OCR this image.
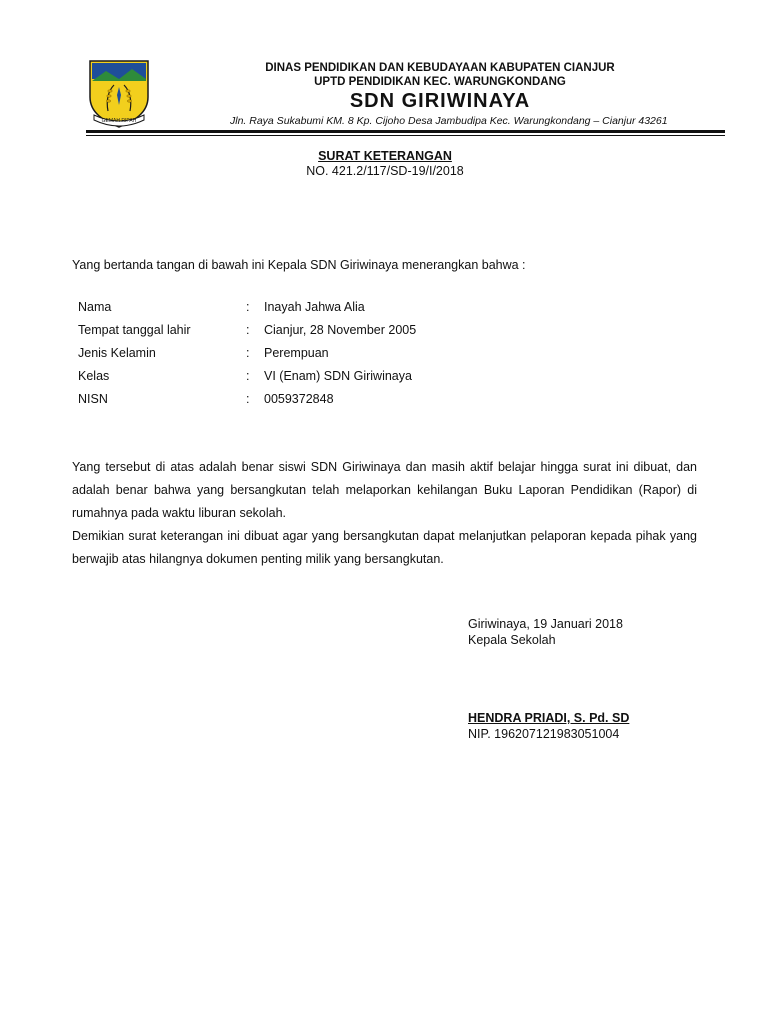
GEMAH RIPAH
DINAS PENDIDIKAN DAN KEBUDAYAAN KABUPATEN CIANJUR
UPTD PENDIDIKAN KEC. WARUNGKONDANG
SDN GIRIWINAYA
Jln. Raya Sukabumi KM. 8 Kp. Cijoho Desa Jambudipa Kec. Warungkondang – Cianjur 43261
SURAT KETERANGAN
NO. 421.2/117/SD-19/I/2018
Yang bertanda tangan di bawah ini Kepala SDN Giriwinaya menerangkan bahwa :
Nama	: Inayah Jahwa Alia
Tempat tanggal lahir	: Cianjur, 28 November 2005
Jenis Kelamin	: Perempuan
Kelas	: VI (Enam) SDN Giriwinaya
NISN	: 0059372848
Yang tersebut di atas adalah benar siswi SDN Giriwinaya dan masih aktif belajar hingga surat ini dibuat, dan adalah benar bahwa yang bersangkutan telah melaporkan kehilangan Buku Laporan Pendidikan (Rapor) di rumahnya pada waktu liburan sekolah.
Demikian surat keterangan ini dibuat agar yang bersangkutan dapat melanjutkan pelaporan kepada pihak yang berwajib atas hilangnya dokumen penting milik yang bersangkutan.
Giriwinaya, 19 Januari 2018
Kepala Sekolah
HENDRA PRIADI, S. Pd. SD
NIP. 196207121983051004
